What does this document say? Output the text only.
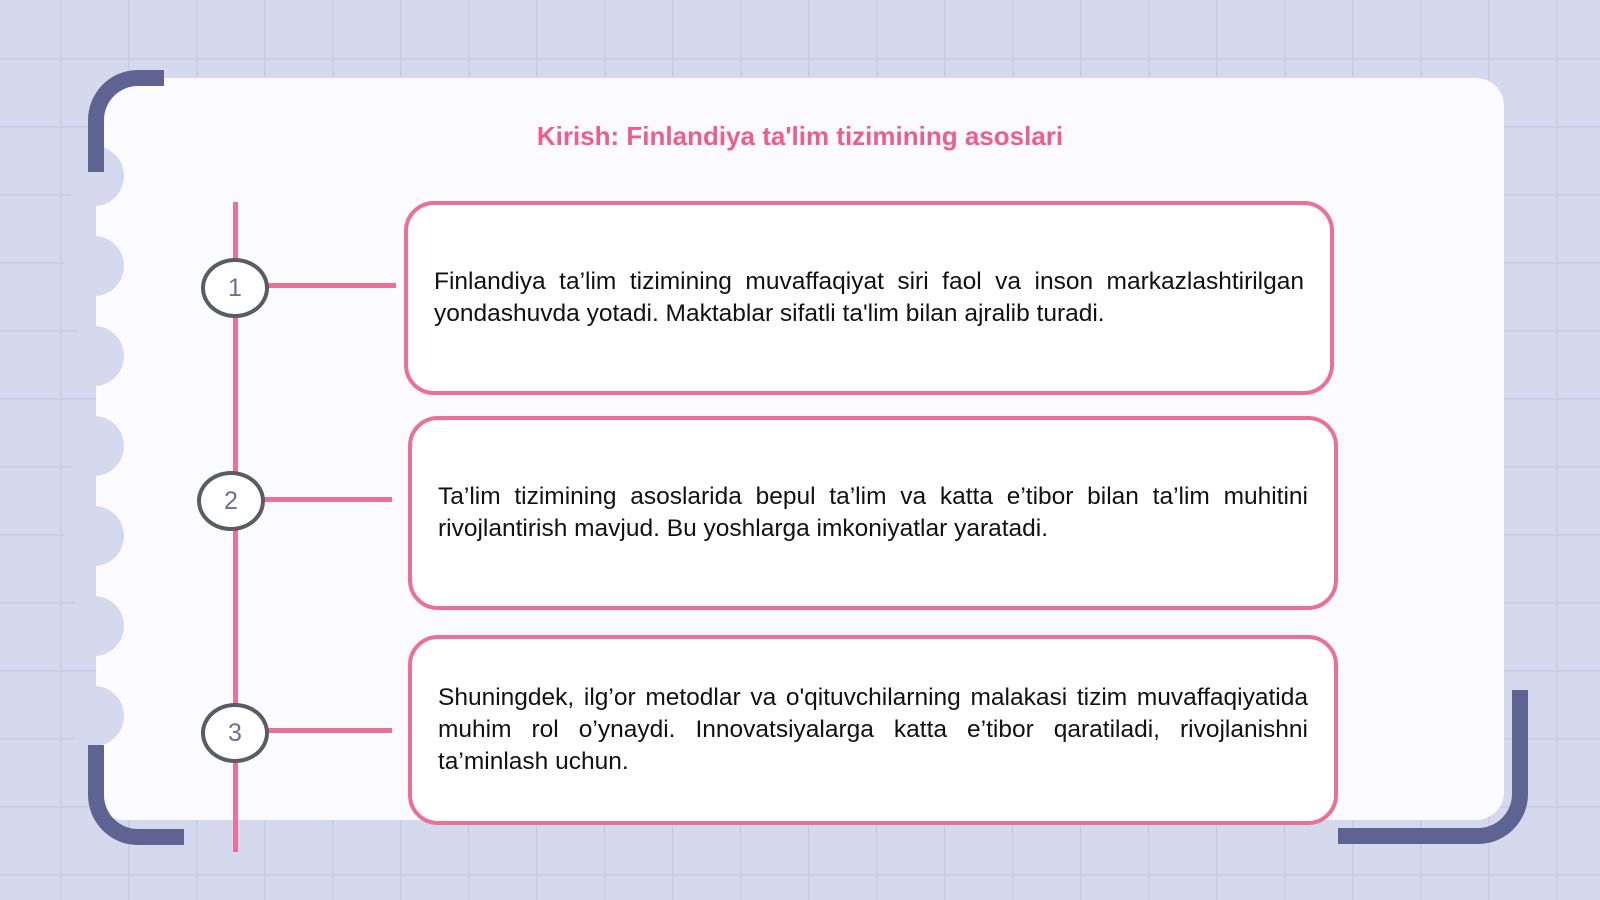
Kirish: Finlandiya ta'lim tizimining asoslari
1
2
3

Finlandiya ta’lim tizimining muvaffaqiyat siri faol va inson markazlashtirilgan yondashuvda yotadi. Maktablar sifatli ta'lim bilan ajralib turadi.

Ta’lim tizimining asoslarida bepul ta’lim va katta e’tibor bilan ta’lim muhitini rivojlantirish mavjud. Bu yoshlarga imkoniyatlar yaratadi.

Shuningdek, ilg’or metodlar va o'qituvchilarning malakasi tizim muvaffaqiyatida muhim rol o’ynaydi. Innovatsiyalarga katta e’tibor qaratiladi, rivojlanishni ta’minlash uchun.
